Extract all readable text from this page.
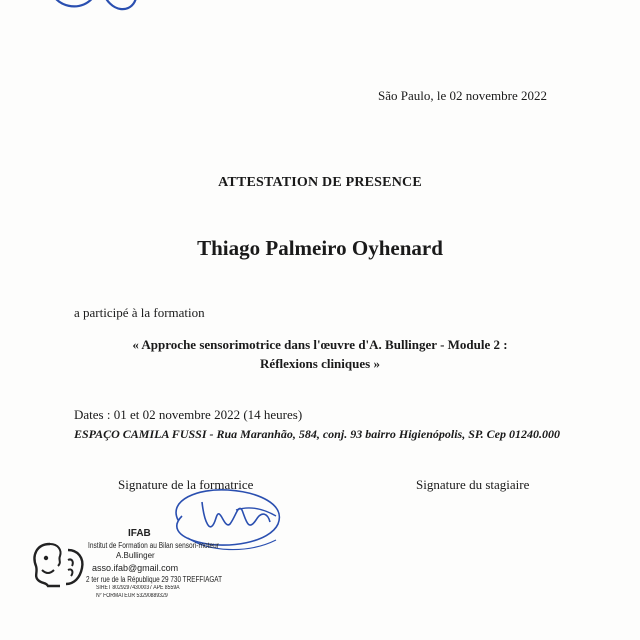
São Paulo, le 02 novembre 2022
ATTESTATION DE PRESENCE
Thiago Palmeiro Oyhenard
a participé à la formation
« Approche sensorimotrice dans l'œuvre d'A. Bullinger - Module 2 :
Réflexions cliniques »
Dates : 01 et 02 novembre 2022 (14 heures)
ESPAÇO CAMILA FUSSI - Rua Maranhão, 584, conj. 93 bairro Higienópolis, SP. Cep 01240.000
Signature de la formatrice	Signature du stagiaire
IFAB
Institut de Formation au Bilan sensori-moteur
A.Bullinger
asso.ifab@gmail.com
2 ter rue de la République 29 730 TREFFIAGAT
SIRET 80292974300037 APE 8559A
N° FORMATEUR 53290889329
